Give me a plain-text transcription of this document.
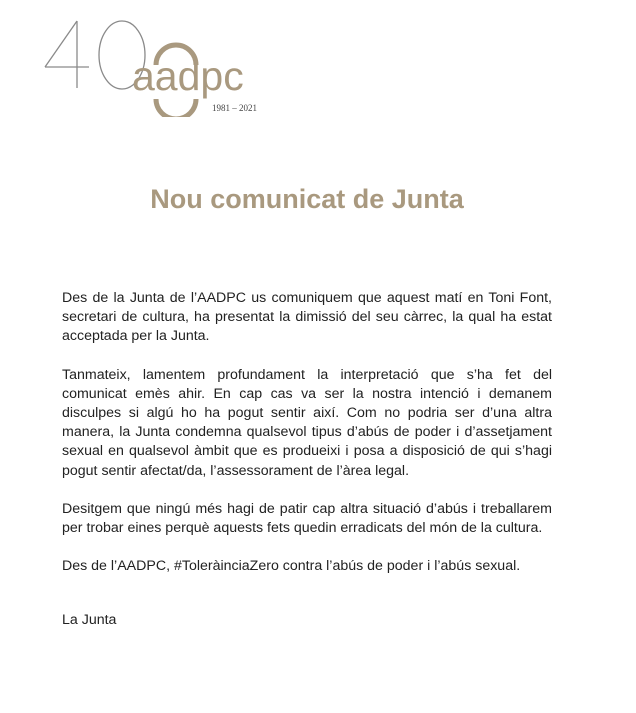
aadpc
1981 – 2021
Nou comunicat de Junta

Des de la Junta de l’AADPC us comuniquem que aquest matí en Toni Font, secretari de cultura, ha presentat la dimissió del seu càrrec, la qual ha estat acceptada per la Junta.

Tanmateix, lamentem profundament la interpretació que s’ha fet del comunicat emès ahir. En cap cas va ser la nostra intenció i demanem disculpes si algú ho ha pogut sentir així. Com no podria ser d’una altra manera, la Junta condemna qualsevol tipus d’abús de poder i d’assetjament sexual en qualsevol àmbit que es produeixi i posa a disposició de qui s’hagi pogut sentir afectat/da, l’assessorament de l’àrea legal.

Desitgem que ningú més hagi de patir cap altra situació d’abús i treballarem per trobar eines perquè aquests fets quedin erradicats del món de la cultura.

Des de l’AADPC, #ToleràinciaZero contra l’abús de poder i l’abús sexual.

La Junta
